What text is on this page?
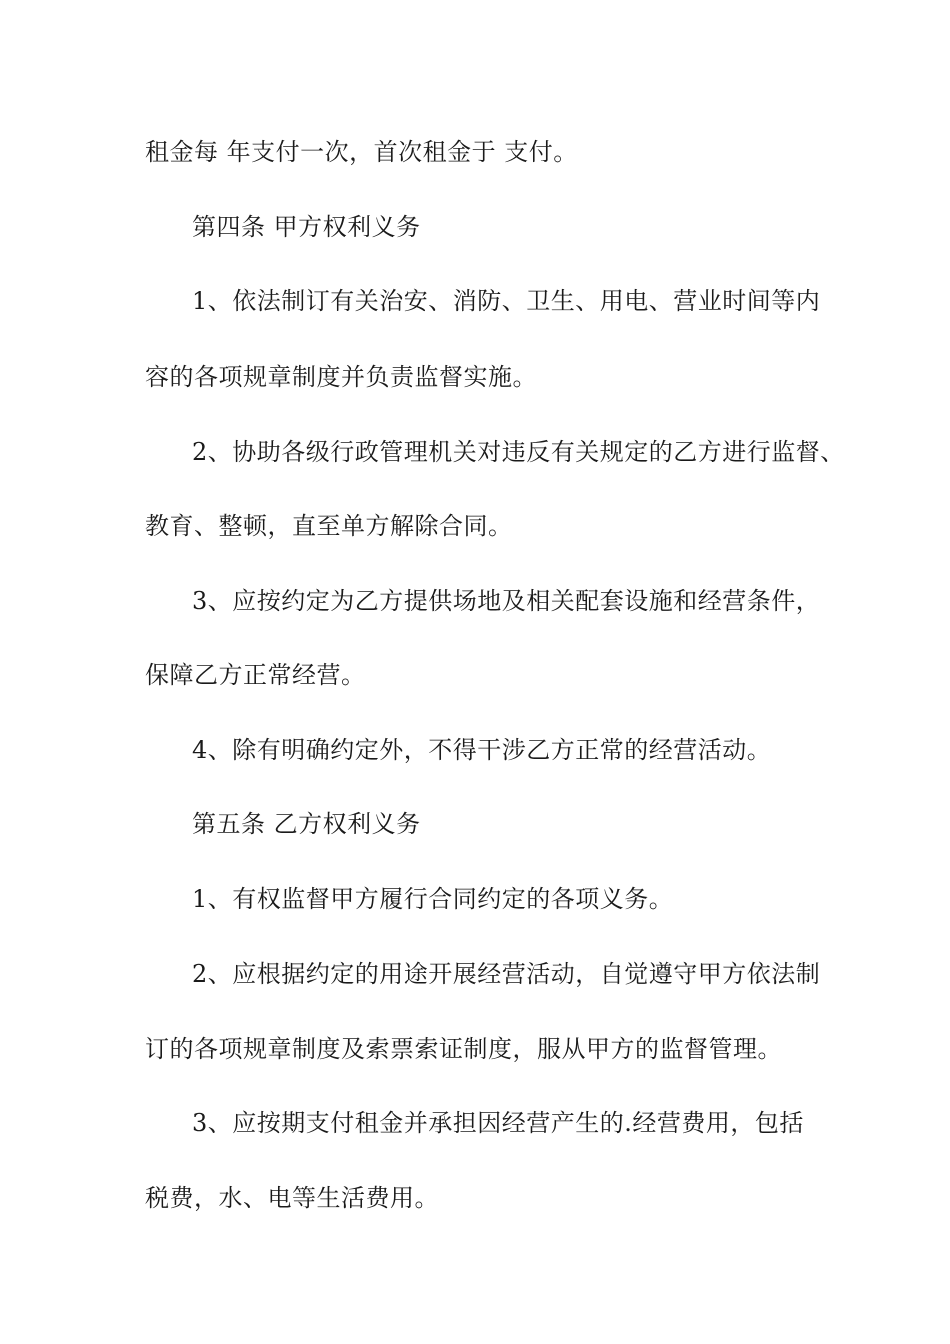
租金每 年支付一次，首次租金于 支付。
第四条 甲方权利义务
1、依法制订有关治安、消防、卫生、用电、营业时间等内
容的各项规章制度并负责监督实施。
2、协助各级行政管理机关对违反有关规定的乙方进行监督、
教育、整顿，直至单方解除合同。
3、应按约定为乙方提供场地及相关配套设施和经营条件，
保障乙方正常经营。
4、除有明确约定外，不得干涉乙方正常的经营活动。
第五条 乙方权利义务
1、有权监督甲方履行合同约定的各项义务。
2、应根据约定的用途开展经营活动，自觉遵守甲方依法制
订的各项规章制度及索票索证制度，服从甲方的监督管理。
3、应按期支付租金并承担因经营产生的.经营费用，包括
税费，水、电等生活费用。
